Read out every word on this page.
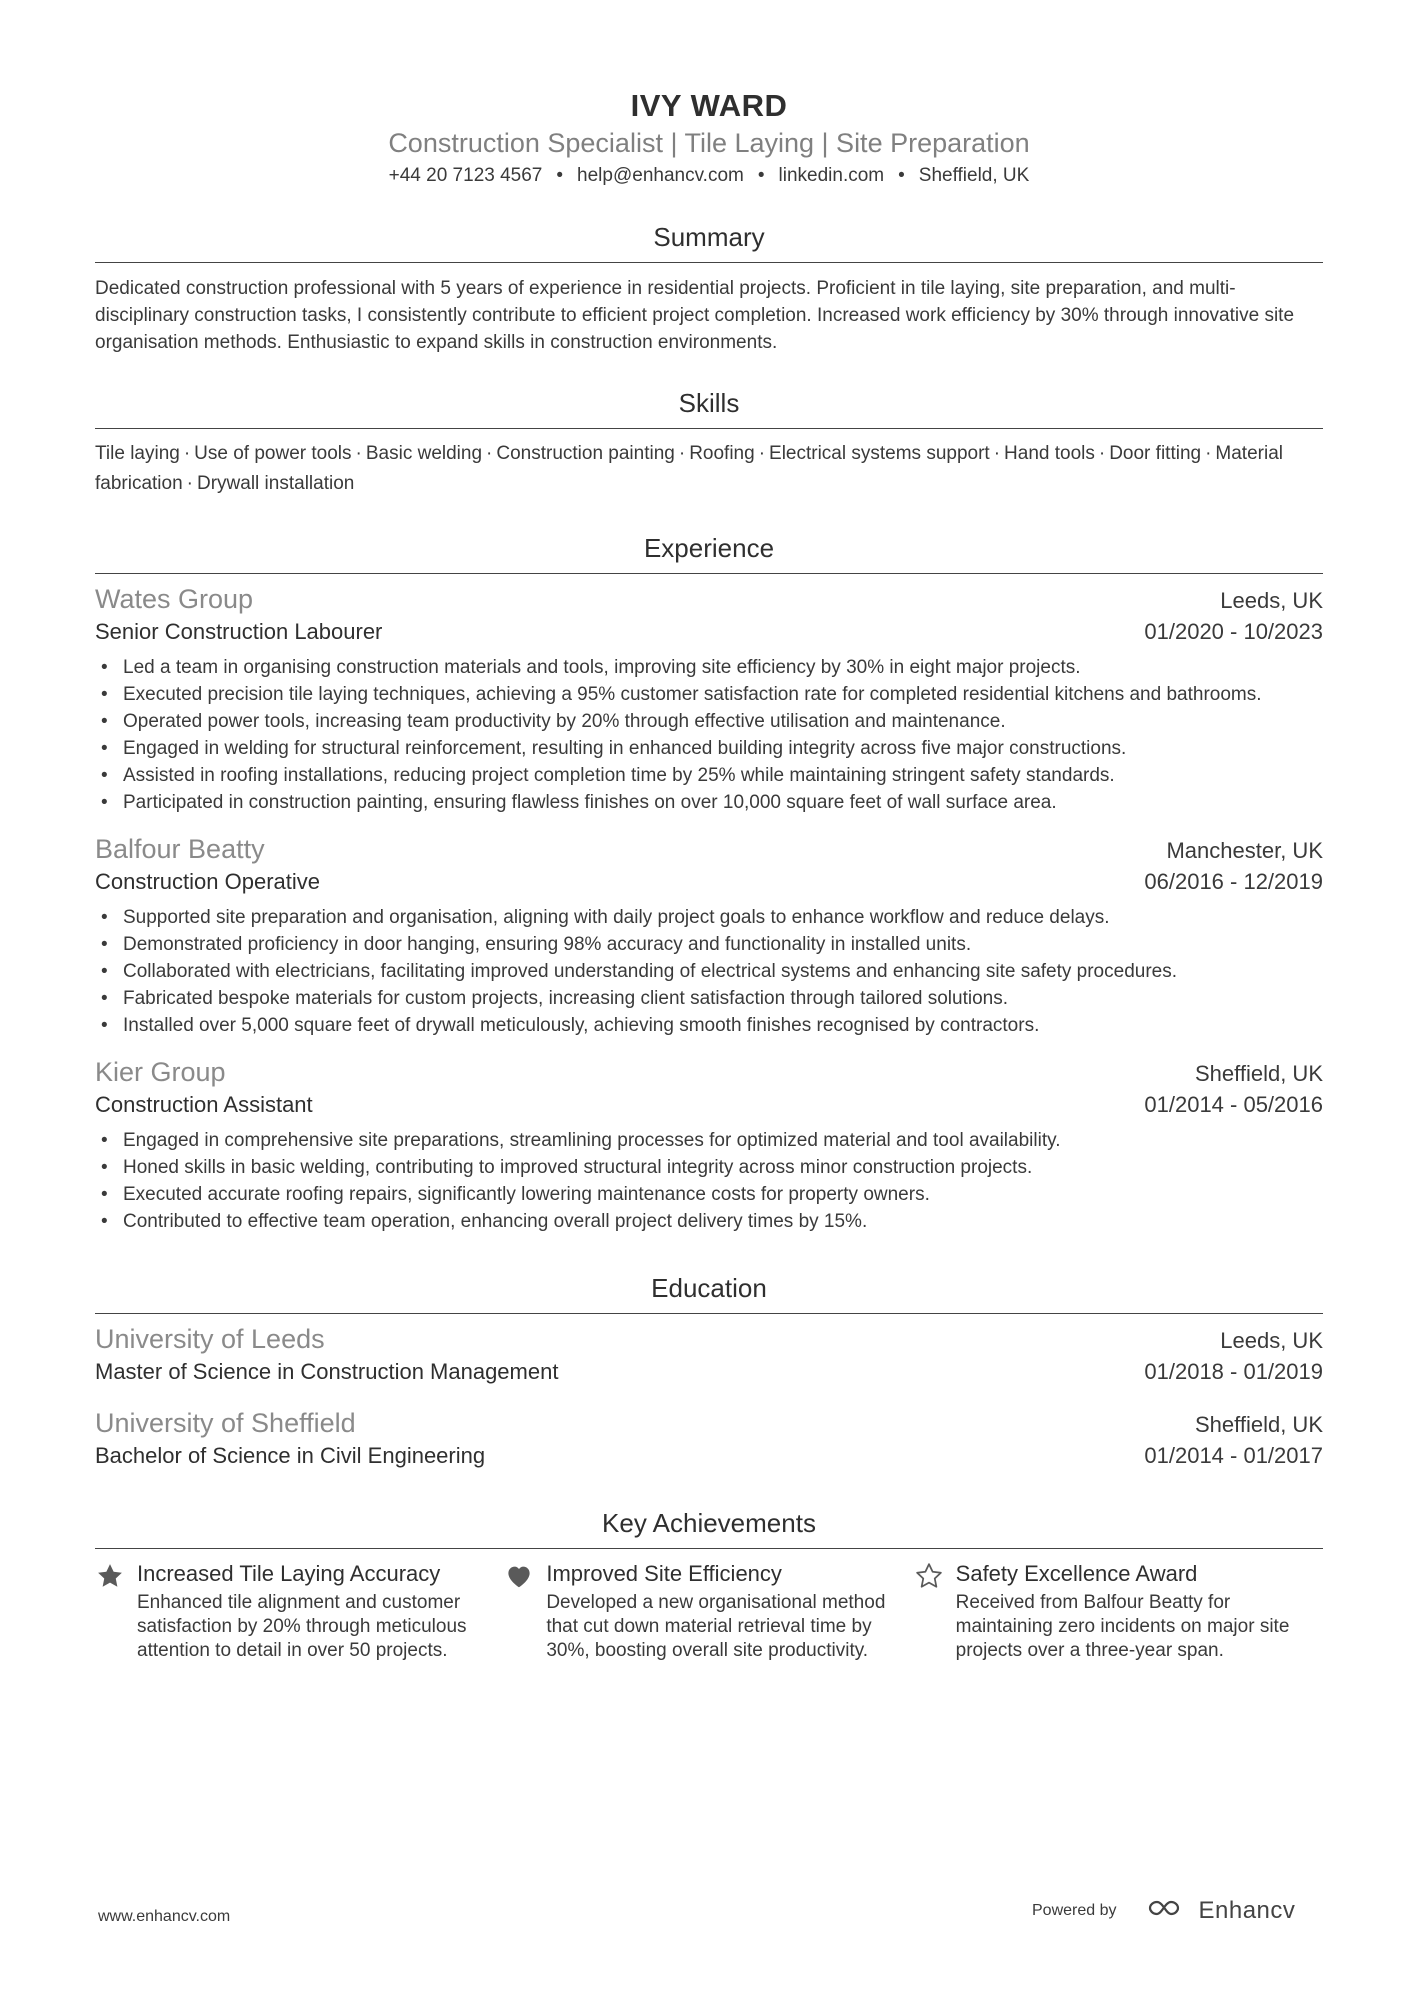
IVY WARD
Construction Specialist | Tile Laying | Site Preparation
+44 20 7123 4567 • help@enhancv.com • linkedin.com • Sheffield, UK
Summary
Dedicated construction professional with 5 years of experience in residential projects. Proficient in tile laying, site preparation, and multi-disciplinary construction tasks, I consistently contribute to efficient project completion. Increased work efficiency by 30% through innovative site organisation methods. Enthusiastic to expand skills in construction environments.
Skills
Tile laying · Use of power tools · Basic welding · Construction painting · Roofing · Electrical systems support · Hand tools · Door fitting · Material fabrication · Drywall installation
Experience
Wates Group	Leeds, UK
Senior Construction Labourer	01/2020 - 10/2023
• Led a team in organising construction materials and tools, improving site efficiency by 30% in eight major projects.
• Executed precision tile laying techniques, achieving a 95% customer satisfaction rate for completed residential kitchens and bathrooms.
• Operated power tools, increasing team productivity by 20% through effective utilisation and maintenance.
• Engaged in welding for structural reinforcement, resulting in enhanced building integrity across five major constructions.
• Assisted in roofing installations, reducing project completion time by 25% while maintaining stringent safety standards.
• Participated in construction painting, ensuring flawless finishes on over 10,000 square feet of wall surface area.
Balfour Beatty	Manchester, UK
Construction Operative	06/2016 - 12/2019
• Supported site preparation and organisation, aligning with daily project goals to enhance workflow and reduce delays.
• Demonstrated proficiency in door hanging, ensuring 98% accuracy and functionality in installed units.
• Collaborated with electricians, facilitating improved understanding of electrical systems and enhancing site safety procedures.
• Fabricated bespoke materials for custom projects, increasing client satisfaction through tailored solutions.
• Installed over 5,000 square feet of drywall meticulously, achieving smooth finishes recognised by contractors.
Kier Group	Sheffield, UK
Construction Assistant	01/2014 - 05/2016
• Engaged in comprehensive site preparations, streamlining processes for optimized material and tool availability.
• Honed skills in basic welding, contributing to improved structural integrity across minor construction projects.
• Executed accurate roofing repairs, significantly lowering maintenance costs for property owners.
• Contributed to effective team operation, enhancing overall project delivery times by 15%.
Education
University of Leeds	Leeds, UK
Master of Science in Construction Management	01/2018 - 01/2019
University of Sheffield	Sheffield, UK
Bachelor of Science in Civil Engineering	01/2014 - 01/2017
Key Achievements
Increased Tile Laying Accuracy
Enhanced tile alignment and customer satisfaction by 20% through meticulous attention to detail in over 50 projects.
Improved Site Efficiency
Developed a new organisational method that cut down material retrieval time by 30%, boosting overall site productivity.
Safety Excellence Award
Received from Balfour Beatty for maintaining zero incidents on major site projects over a three-year span.
www.enhancv.com	Powered by	Enhancv
